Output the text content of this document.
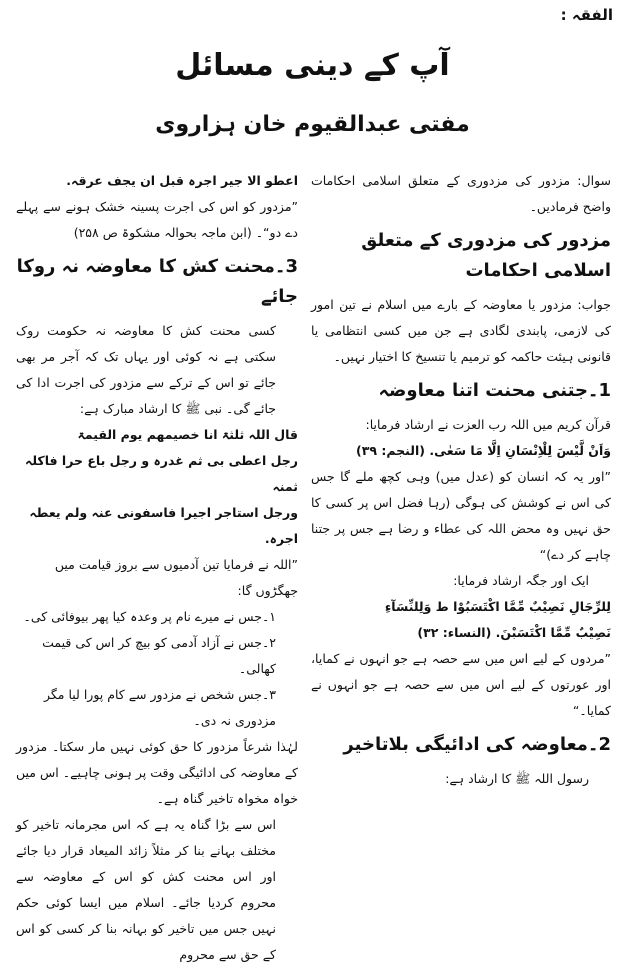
الفقہ :
آپ کے دینی مسائل
مفتی عبدالقیوم خان ہزاروی

سوال: مزدور کی مزدوری کے متعلق اسلامی احکامات واضح فرمادیں۔

مزدور کی مزدوری کے متعلق اسلامی احکامات

جواب: مزدور یا معاوضہ کے بارے میں اسلام نے تین امور کی لازمی، پابندی لگادی ہے جن میں کسی انتظامی یا قانونی ہیئت حاکمہ کو ترمیم یا تنسیخ کا اختیار نہیں۔

1۔جتنی محنت اتنا معاوضہ

قرآن کریم میں اللہ رب العزت نے ارشاد فرمایا:

وَاَنْ لَّیْسَ لِلْاِنْسَانِ اِلَّا مَا سَعٰی. (النجم: ۳۹)

”اور یہ کہ انسان کو (عدل میں) وہی کچھ ملے گا جس کی اس نے کوشش کی ہوگی (رہا فضل اس پر کسی کا حق نہیں وہ محض اللہ کی عطاء و رضا ہے جس پر جتنا چاہے کر دے)“

ایک اور جگہ ارشاد فرمایا:

لِلرِّجَالِ نَصِیْبٌ مِّمَّا اکْتَسَبُوْا ط وَلِلنِّسَآءِ

نَصِیْبٌ مِّمَّا اکْتَسَبْنَ. (النساء: ۳۲)

”مردوں کے لیے اس میں سے حصہ ہے جو انہوں نے کمایا، اور عورتوں کے لیے اس میں سے حصہ ہے جو انہوں نے کمایا۔“

2۔معاوضہ کی ادائیگی بلاتاخیر

رسول اللہ ﷺ کا ارشاد ہے:

اعطو الا جیر اجرہ قبل ان یجف عرقہ.

”مزدور کو اس کی اجرت پسینہ خشک ہونے سے پہلے دے دو“۔ (ابن ماجہ بحوالہ مشکوۃ ص ۲۵۸)

3۔محنت کش کا معاوضہ نہ روکا جائے

کسی محنت کش کا معاوضہ نہ حکومت روک سکتی ہے نہ کوئی اور یہاں تک کہ آجر مر بھی جائے تو اس کے ترکے سے مزدور کی اجرت ادا کی جائے گی۔ نبی ﷺ کا ارشاد مبارک ہے:

قال اللہ ثلثۃ انا خصیمھم یوم القیمۃ

رجل اعطی بی ثم غدرہ و رجل باع حرا فاکلہ ثمنہ

ورجل استاجر اجیرا فاسفونی عنہ ولم یعطہ اجرہ.

”اللہ نے فرمایا تین آدمیوں سے بروز قیامت میں جھگڑوں گا:

۱۔جس نے میرے نام پر وعدہ کیا پھر بیوفائی کی۔

۲۔جس نے آزاد آدمی کو بیچ کر اس کی قیمت کھالی۔

۳۔جس شخص نے مزدور سے کام پورا لیا مگر مزدوری نہ دی۔

لہٰذا شرعاً مزدور کا حق کوئی نہیں مار سکتا۔ مزدور کے معاوضہ کی ادائیگی وقت پر ہونی چاہیے۔ اس میں خواہ مخواہ تاخیر گناہ ہے۔

اس سے بڑا گناہ یہ ہے کہ اس مجرمانہ تاخیر کو مختلف بہانے بنا کر مثلاً زائد المیعاد قرار دیا جائے اور اس محنت کش کو اس کے معاوضہ سے محروم کردیا جائے۔ اسلام میں ایسا کوئی حکم نہیں جس میں تاخیر کو بہانہ بنا کر کسی کو اس کے حق سے محروم
